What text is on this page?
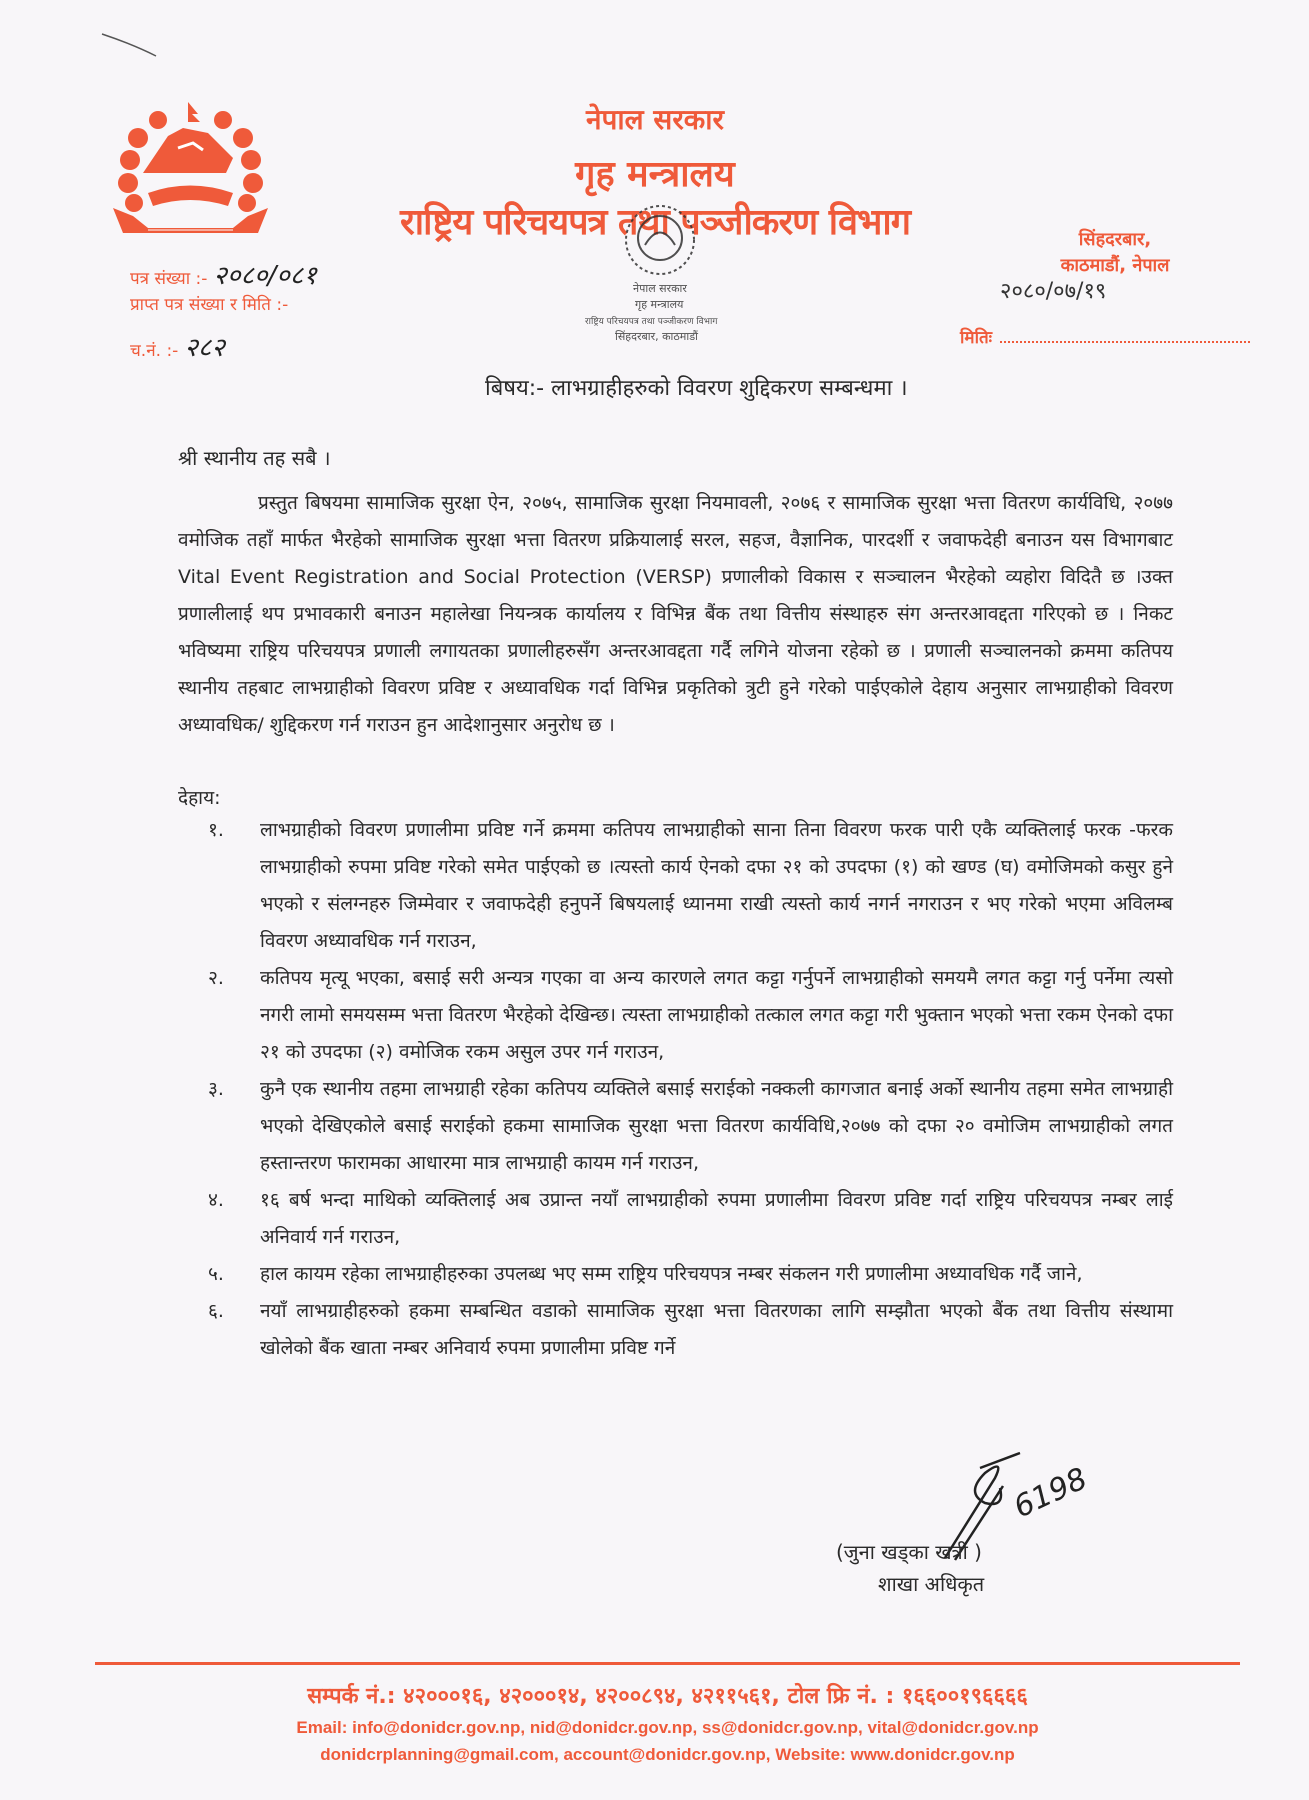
नेपाल सरकार
गृह मन्त्रालय
राष्ट्रिय परिचयपत्र तथा पञ्जीकरण विभाग	सिंहदरबार,
काठमाडौं, नेपाल
२०८०/०७/१९
मितिः
पत्र संख्या :- २०८०/०८१
प्राप्त पत्र संख्या र मिति :-
च.नं. :- २८२
नेपाल सरकार
गृह मन्त्रालय
राष्ट्रिय परिचयपत्र तथा पञ्जीकरण विभाग
सिंहदरबार, काठमाडौं
बिषय:- लाभग्राहीहरुको विवरण शुद्दिकरण सम्बन्धमा ।
श्री स्थानीय तह सबै ।
प्रस्तुत बिषयमा सामाजिक सुरक्षा ऐन, २०७५, सामाजिक सुरक्षा नियमावली, २०७६ र सामाजिक सुरक्षा भत्ता वितरण कार्यविधि, २०७७ वमोजिक तहाँ मार्फत भैरहेको सामाजिक सुरक्षा भत्ता वितरण प्रक्रियालाई सरल, सहज, वैज्ञानिक, पारदर्शी र जवाफदेही बनाउन यस विभागबाट Vital Event Registration and Social Protection (VERSP) प्रणालीको विकास र सञ्चालन भैरहेको व्यहोरा विदितै छ ।उक्त प्रणालीलाई थप प्रभावकारी बनाउन महालेखा नियन्त्रक कार्यालय र विभिन्न बैंक तथा वित्तीय संस्थाहरु संग अन्तरआवद्दता गरिएको छ । निकट भविष्यमा राष्ट्रिय परिचयपत्र प्रणाली लगायतका प्रणालीहरुसँग अन्तरआवद्दता गर्दै लगिने योजना रहेको छ । प्रणाली सञ्चालनको क्रममा कतिपय स्थानीय तहबाट लाभग्राहीको विवरण प्रविष्ट र अध्यावधिक गर्दा विभिन्न प्रकृतिको त्रुटी हुने गरेको पाईएकोले देहाय अनुसार लाभग्राहीको विवरण अध्यावधिक/ शुद्दिकरण गर्न गराउन हुन आदेशानुसार अनुरोध छ ।
देहाय:
१. लाभग्राहीको विवरण प्रणालीमा प्रविष्ट गर्ने क्रममा कतिपय लाभग्राहीको साना तिना विवरण फरक पारी एकै व्यक्तिलाई फरक -फरक लाभग्राहीको रुपमा प्रविष्ट गरेको समेत पाईएको छ ।त्यस्तो कार्य ऐनको दफा २१ को उपदफा (१) को खण्ड (घ) वमोजिमको कसुर हुने भएको र संलग्नहरु जिम्मेवार र जवाफदेही हनुपर्ने बिषयलाई ध्यानमा राखी त्यस्तो कार्य नगर्न नगराउन र भए गरेको भएमा अविलम्ब विवरण अध्यावधिक गर्न गराउन,
२. कतिपय मृत्यू भएका, बसाई सरी अन्यत्र गएका वा अन्य कारणले लगत कट्टा गर्नुपर्ने लाभग्राहीको समयमै लगत कट्टा गर्नु पर्नेमा त्यसो नगरी लामो समयसम्म भत्ता वितरण भैरहेको देखिन्छ। त्यस्ता लाभग्राहीको तत्काल लगत कट्टा गरी भुक्तान भएको भत्ता रकम ऐनको दफा २१ को उपदफा (२) वमोजिक रकम असुल उपर गर्न गराउन,
३. कुनै एक स्थानीय तहमा लाभग्राही रहेका कतिपय व्यक्तिले बसाई सराईको नक्कली कागजात बनाई अर्को स्थानीय तहमा समेत लाभग्राही भएको देखिएकोले बसाई सराईको हकमा सामाजिक सुरक्षा भत्ता वितरण कार्यविधि,२०७७ को दफा २० वमोजिम लाभग्राहीको लगत हस्तान्तरण फारामका आधारमा मात्र लाभग्राही कायम गर्न गराउन,
४. १६ बर्ष भन्दा माथिको व्यक्तिलाई अब उप्रान्त नयाँ लाभग्राहीको रुपमा प्रणालीमा विवरण प्रविष्ट गर्दा राष्ट्रिय परिचयपत्र नम्बर लाई अनिवार्य गर्न गराउन,
५. हाल कायम रहेका लाभग्राहीहरुका उपलब्ध भए सम्म राष्ट्रिय परिचयपत्र नम्बर संकलन गरी प्रणालीमा अध्यावधिक गर्दै जाने,
६. नयाँ लाभग्राहीहरुको हकमा सम्बन्धित वडाको सामाजिक सुरक्षा भत्ता वितरणका लागि सम्झौता भएको बैंक तथा वित्तीय संस्थामा खोलेको बैंक खाता नम्बर अनिवार्य रुपमा प्रणालीमा प्रविष्ट गर्ने
6198
(जुना खड्का खत्री )
शाखा अधिकृत
सम्पर्क नं.: ४२०००१६, ४२०००१४, ४२००८९४, ४२११५६१, टोल फ्रि नं. : १६६००१९६६६६
Email: info@donidcr.gov.np, nid@donidcr.gov.np, ss@donidcr.gov.np, vital@donidcr.gov.np
donidcrplanning@gmail.com, account@donidcr.gov.np, Website: www.donidcr.gov.np
